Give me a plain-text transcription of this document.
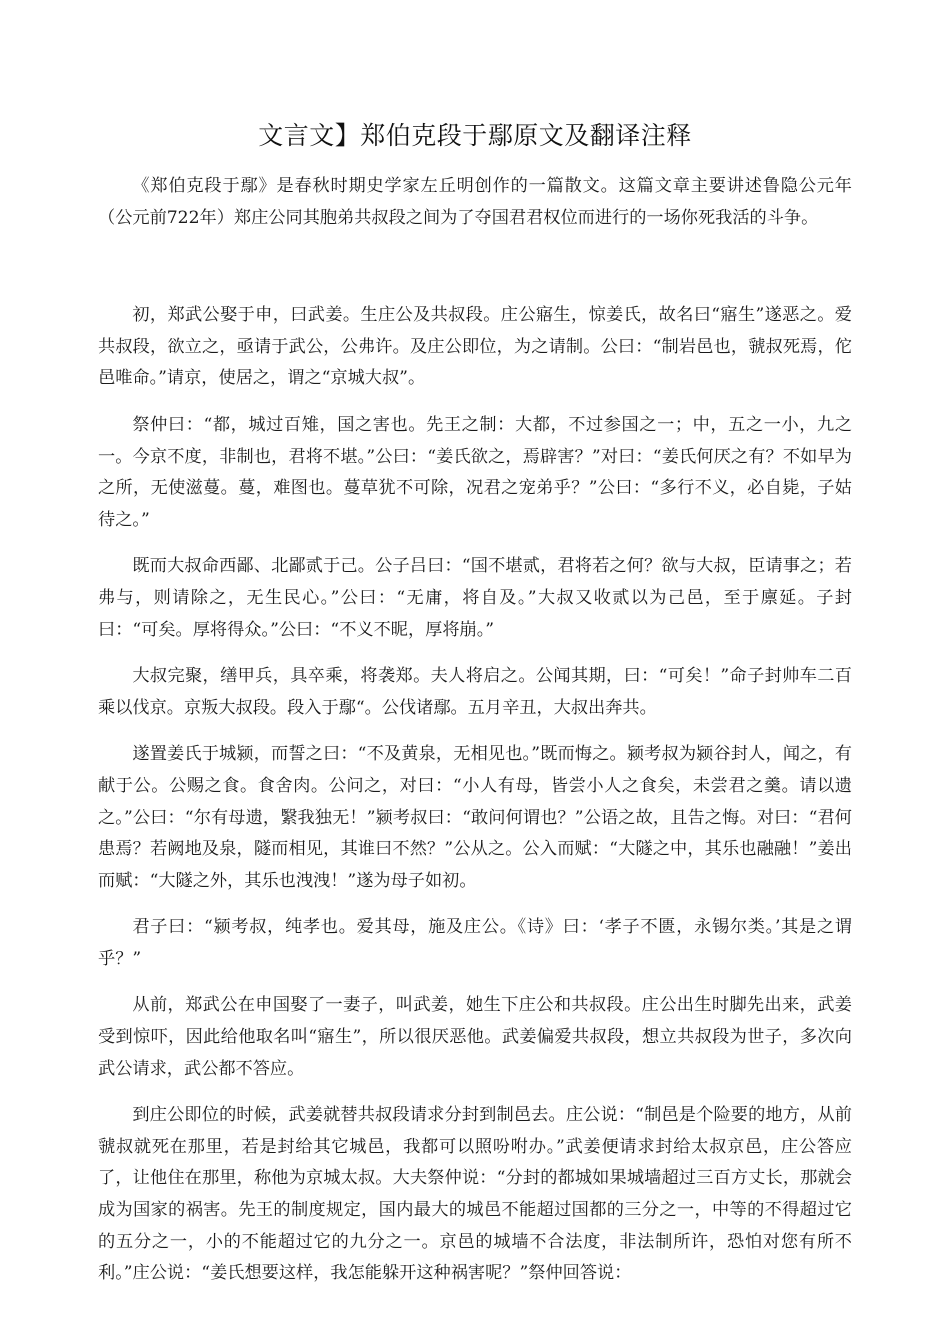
文言文】郑伯克段于鄢原文及翻译注释

《郑伯克段于鄢》是春秋时期史学家左丘明创作的一篇散文。这篇文章主要讲述鲁隐公元年（公元前722年）郑庄公同其胞弟共叔段之间为了夺国君君权位而进行的一场你死我活的斗争。

初，郑武公娶于申，曰武姜。生庄公及共叔段。庄公寤生，惊姜氏，故名曰“寤生”遂恶之。爱共叔段，欲立之，亟请于武公，公弗许。及庄公即位，为之请制。公曰：“制岩邑也，虢叔死焉，佗邑唯命。”请京，使居之，谓之“京城大叔”。

祭仲曰：“都，城过百雉，国之害也。先王之制：大都，不过参国之一；中，五之一小，九之一。今京不度，非制也，君将不堪。”公曰：“姜氏欲之，焉辟害？”对曰：“姜氏何厌之有？不如早为之所，无使滋蔓。蔓，难图也。蔓草犹不可除，况君之宠弟乎？”公曰：“多行不义，必自毙，子姑待之。”

既而大叔命西鄙、北鄙贰于己。公子吕曰：“国不堪贰，君将若之何？欲与大叔，臣请事之；若弗与，则请除之，无生民心。”公曰：“无庸，将自及。”大叔又收贰以为己邑，至于廪延。子封曰：“可矣。厚将得众。”公曰：“不义不昵，厚将崩。”

大叔完聚，缮甲兵，具卒乘，将袭郑。夫人将启之。公闻其期，曰：“可矣！”命子封帅车二百乘以伐京。京叛大叔段。段入于鄢“。公伐诸鄢。五月辛丑，大叔出奔共。

遂置姜氏于城颍，而誓之曰：“不及黄泉，无相见也。”既而悔之。颍考叔为颍谷封人，闻之，有献于公。公赐之食。食舍肉。公问之，对曰：“小人有母，皆尝小人之食矣，未尝君之羹。请以遗之。”公曰：“尔有母遗，繄我独无！”颍考叔曰：“敢问何谓也？”公语之故，且告之悔。对曰：“君何患焉？若阙地及泉，隧而相见，其谁曰不然？”公从之。公入而赋：“大隧之中，其乐也融融！”姜出而赋：“大隧之外，其乐也洩洩！”遂为母子如初。

君子曰：“颍考叔，纯孝也。爱其母，施及庄公。《诗》曰：‘孝子不匮，永锡尔类。’其是之谓乎？”

从前，郑武公在申国娶了一妻子，叫武姜，她生下庄公和共叔段。庄公出生时脚先出来，武姜受到惊吓，因此给他取名叫“寤生”，所以很厌恶他。武姜偏爱共叔段，想立共叔段为世子，多次向武公请求，武公都不答应。

到庄公即位的时候，武姜就替共叔段请求分封到制邑去。庄公说：“制邑是个险要的地方，从前虢叔就死在那里，若是封给其它城邑，我都可以照吩咐办。”武姜便请求封给太叔京邑，庄公答应了，让他住在那里，称他为京城太叔。大夫祭仲说：“分封的都城如果城墙超过三百方丈长，那就会成为国家的祸害。先王的制度规定，国内最大的城邑不能超过国都的三分之一，中等的不得超过它的五分之一，小的不能超过它的九分之一。京邑的城墙不合法度，非法制所许，恐怕对您有所不利。”庄公说：“姜氏想要这样，我怎能躲开这种祸害呢？”祭仲回答说：
